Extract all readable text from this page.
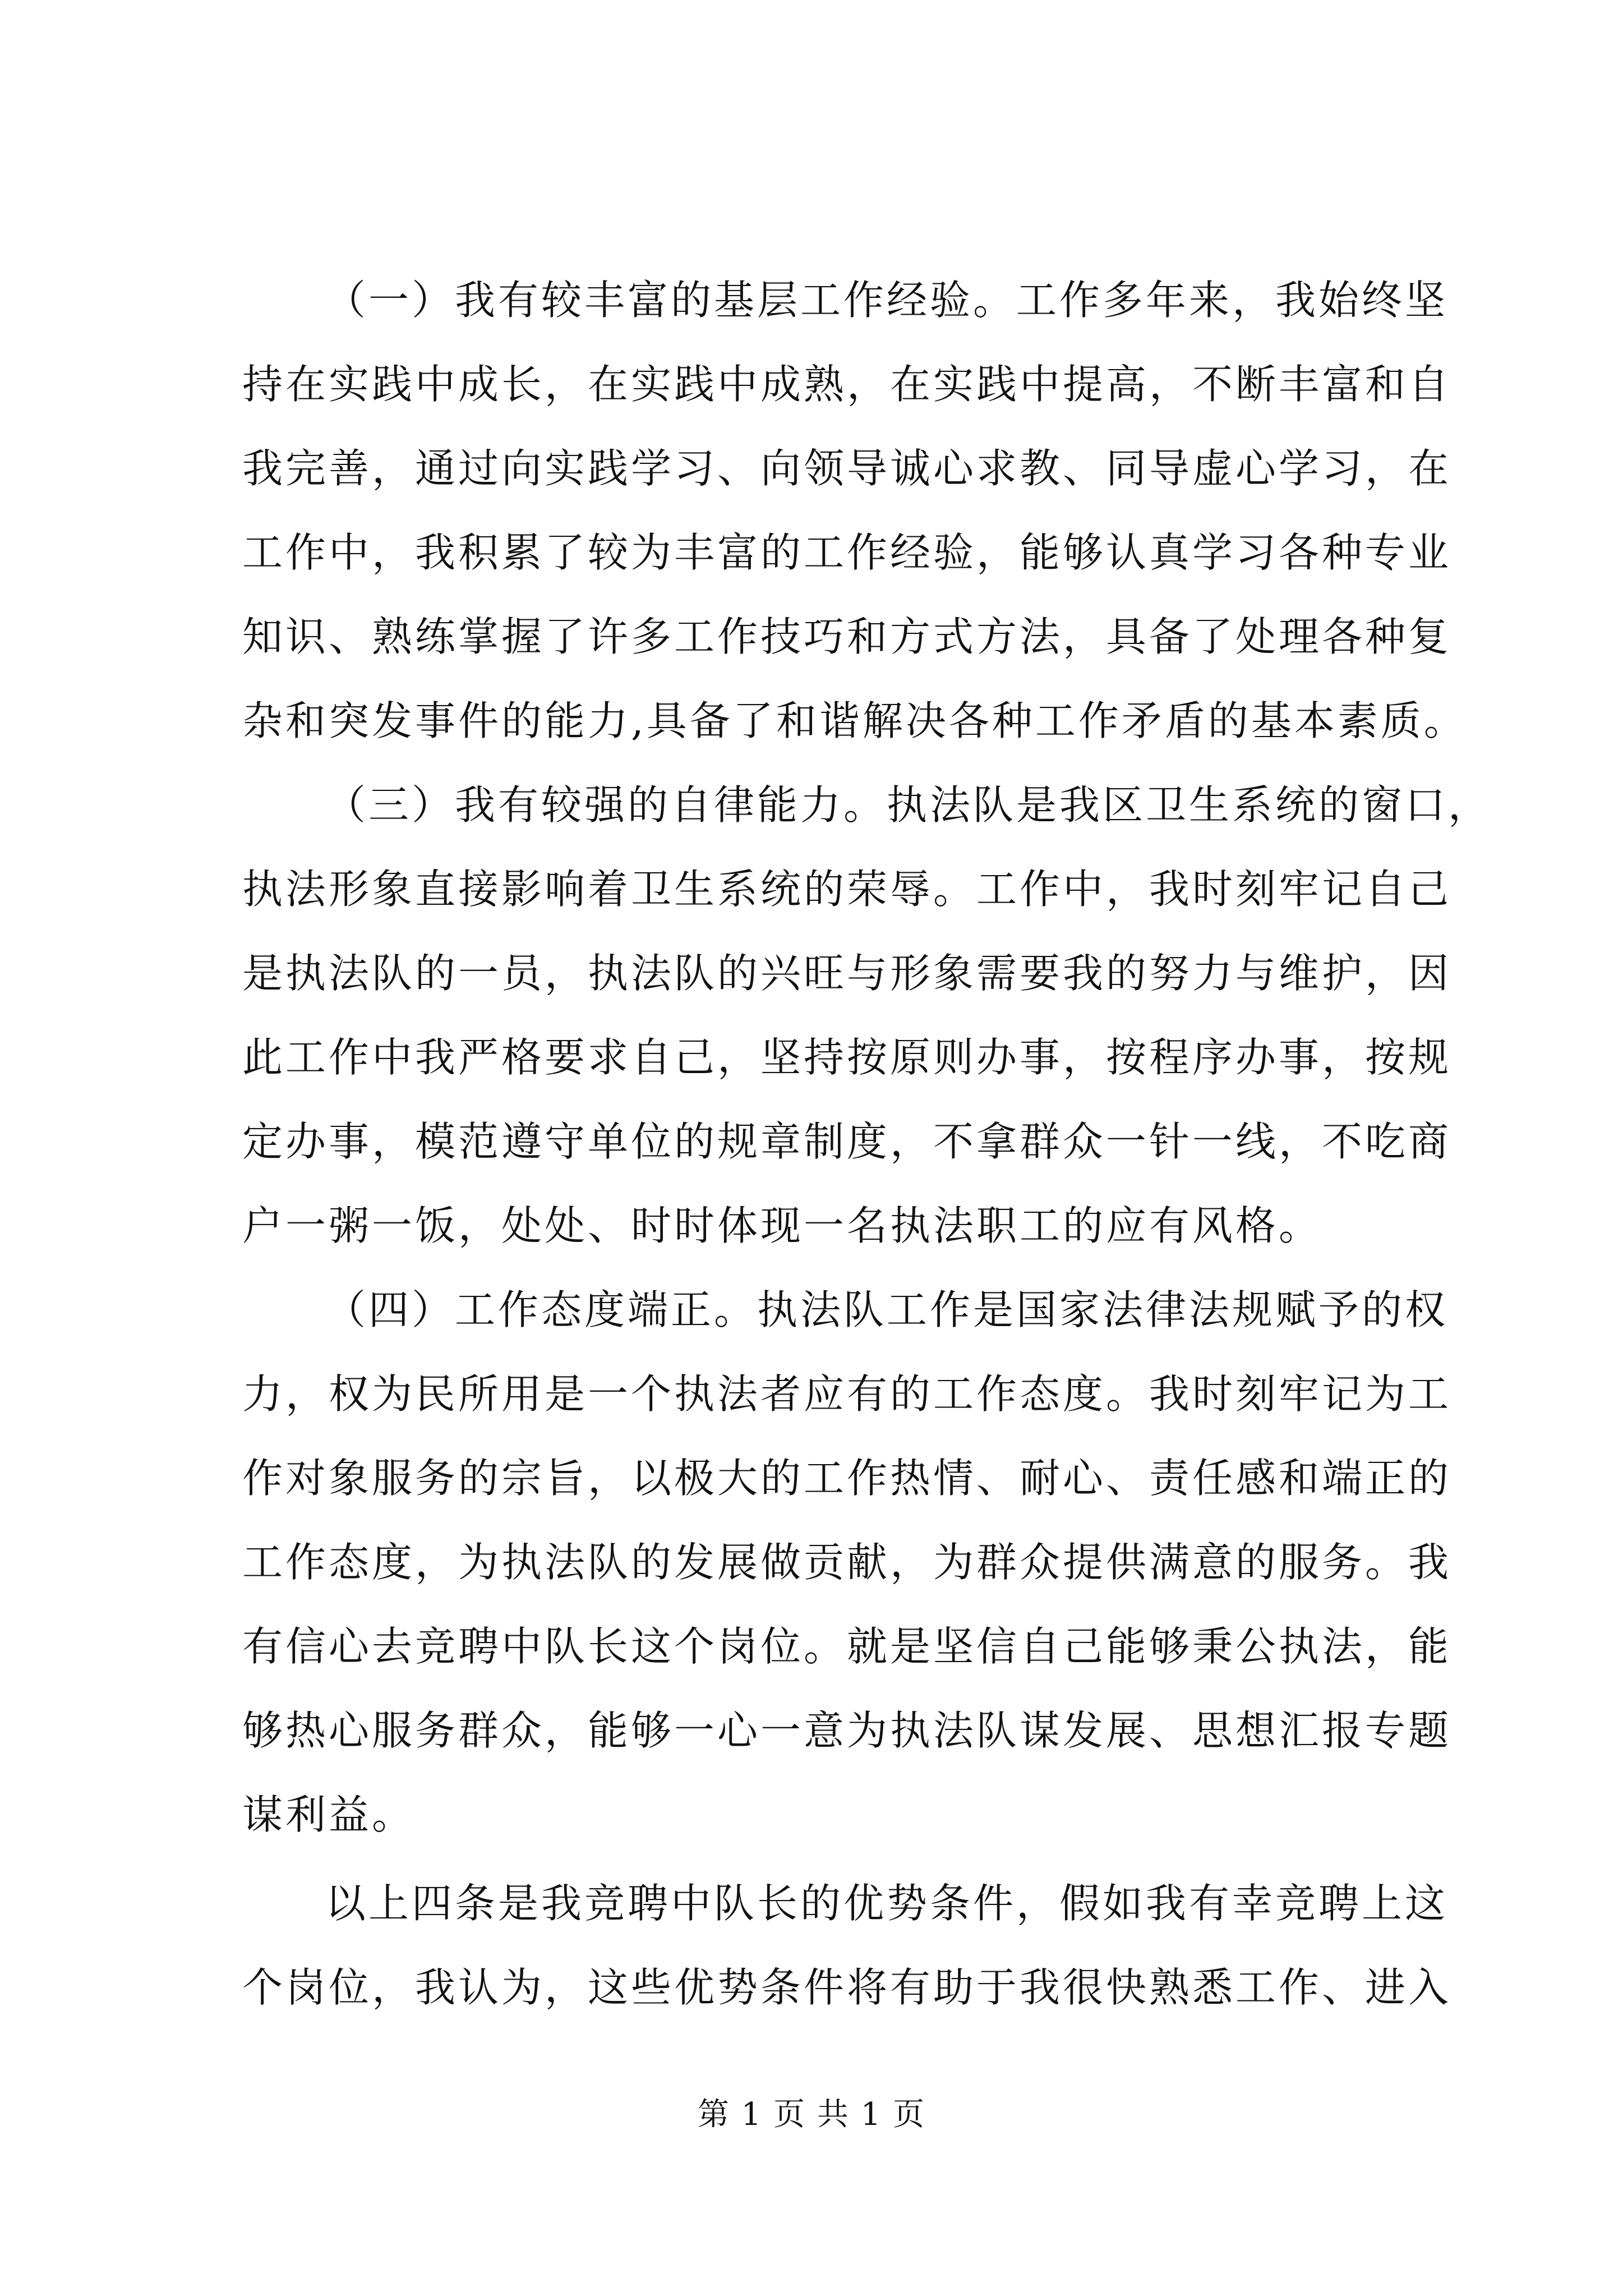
（一）我有较丰富的基层工作经验。工作多年来，我始终坚
持在实践中成长，在实践中成熟，在实践中提高，不断丰富和自
我完善，通过向实践学习、向领导诚心求教、同导虚心学习，在
工作中，我积累了较为丰富的工作经验，能够认真学习各种专业
知识、熟练掌握了许多工作技巧和方式方法，具备了处理各种复
杂和突发事件的能力,具备了和谐解决各种工作矛盾的基本素质。
（三）我有较强的自律能力。执法队是我区卫生系统的窗口，
执法形象直接影响着卫生系统的荣辱。工作中，我时刻牢记自己
是执法队的一员，执法队的兴旺与形象需要我的努力与维护，因
此工作中我严格要求自己，坚持按原则办事，按程序办事，按规
定办事，模范遵守单位的规章制度，不拿群众一针一线，不吃商
户一粥一饭，处处、时时体现一名执法职工的应有风格。
（四）工作态度端正。执法队工作是国家法律法规赋予的权
力，权为民所用是一个执法者应有的工作态度。我时刻牢记为工
作对象服务的宗旨，以极大的工作热情、耐心、责任感和端正的
工作态度，为执法队的发展做贡献，为群众提供满意的服务。我
有信心去竞聘中队长这个岗位。就是坚信自己能够秉公执法，能
够热心服务群众，能够一心一意为执法队谋发展、思想汇报专题
谋利益。
以上四条是我竞聘中队长的优势条件，假如我有幸竞聘上这
个岗位，我认为，这些优势条件将有助于我很快熟悉工作、进入
第 1 页 共 1 页
